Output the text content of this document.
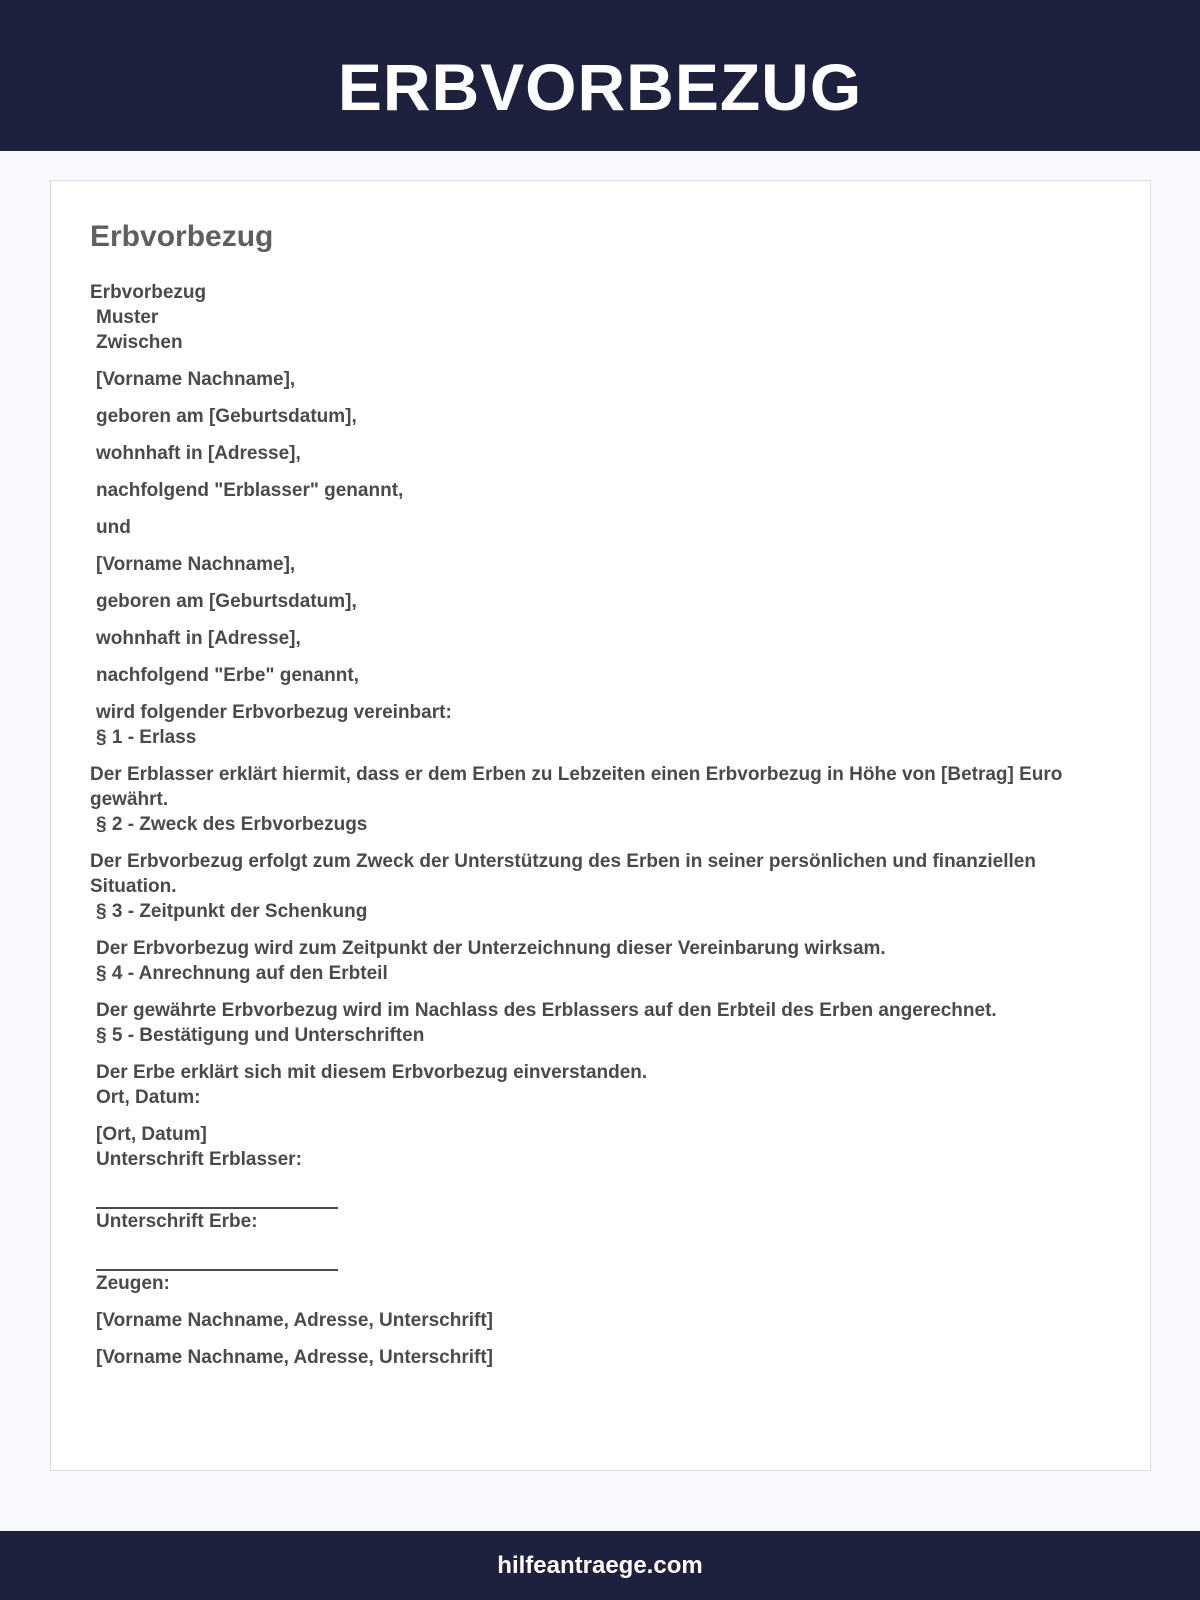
ERBVORBEZUG
Erbvorbezug
Erbvorbezug
Muster
Zwischen
[Vorname Nachname],
geboren am [Geburtsdatum],
wohnhaft in [Adresse],
nachfolgend "Erblasser" genannt,
und
[Vorname Nachname],
geboren am [Geburtsdatum],
wohnhaft in [Adresse],
nachfolgend "Erbe" genannt,
wird folgender Erbvorbezug vereinbart:
§ 1 - Erlass
Der Erblasser erklärt hiermit, dass er dem Erben zu Lebzeiten einen Erbvorbezug in Höhe von [Betrag] Euro gewährt.
§ 2 - Zweck des Erbvorbezugs
Der Erbvorbezug erfolgt zum Zweck der Unterstützung des Erben in seiner persönlichen und finanziellen Situation.
§ 3 - Zeitpunkt der Schenkung
Der Erbvorbezug wird zum Zeitpunkt der Unterzeichnung dieser Vereinbarung wirksam.
§ 4 - Anrechnung auf den Erbteil
Der gewährte Erbvorbezug wird im Nachlass des Erblassers auf den Erbteil des Erben angerechnet.
§ 5 - Bestätigung und Unterschriften
Der Erbe erklärt sich mit diesem Erbvorbezug einverstanden.
Ort, Datum:
[Ort, Datum]
Unterschrift Erblasser:
Unterschrift Erbe:
Zeugen:
[Vorname Nachname, Adresse, Unterschrift]
[Vorname Nachname, Adresse, Unterschrift]
hilfeantraege.com
